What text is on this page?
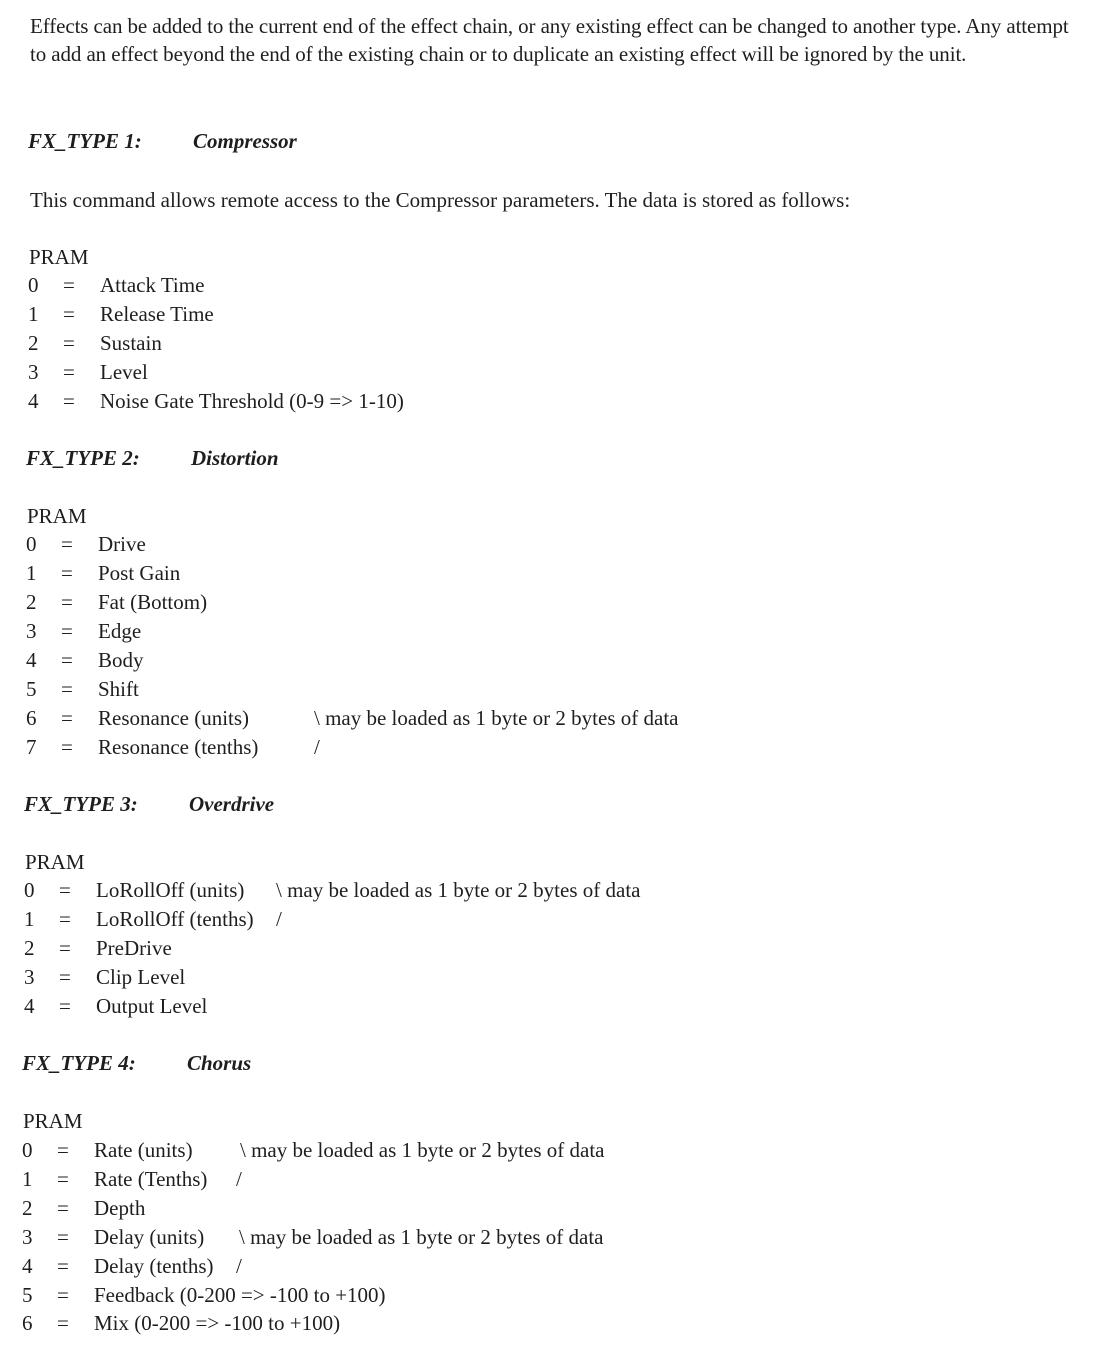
Effects can be added to the current end of the effect chain, or any existing effect can be changed to another type. Any attempt to add an effect beyond the end of the existing chain or to duplicate an existing effect will be ignored by the unit.

FX_TYPE 1: Compressor

This command allows remote access to the Compressor parameters. The data is stored as follows:

PRAM
0	=	Attack Time
1	=	Release Time
2	=	Sustain
3	=	Level
4	=	Noise Gate Threshold (0-9 => 1-10)
FX_TYPE 2: Distortion
PRAM
0	=	Drive
1	=	Post Gain
2	=	Fat (Bottom)
3	=	Edge
4	=	Body
5	=	Shift
6	=	Resonance (units)	\ may be loaded as 1 byte or 2 bytes of data
7	=	Resonance (tenths)	/
FX_TYPE 3: Overdrive
PRAM
0	=	LoRollOff (units) \ may be loaded as 1 byte or 2 bytes of data
1	=	LoRollOff (tenths) /
2	=	PreDrive
3	=	Clip Level
4	=	Output Level
FX_TYPE 4: Chorus
PRAM
0	=	Rate (units) \ may be loaded as 1 byte or 2 bytes of data
1	=	Rate (Tenths) /
2	=	Depth
3	=	Delay (units) \ may be loaded as 1 byte or 2 bytes of data
4	=	Delay (tenths) /
5	=	Feedback (0-200 => -100 to +100)
6	=	Mix (0-200 => -100 to +100)
